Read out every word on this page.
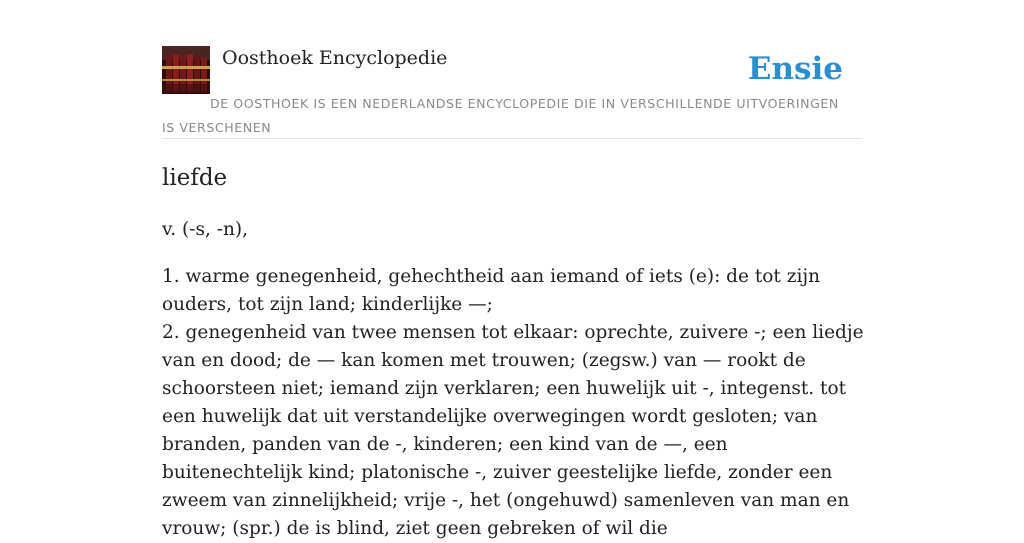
Oosthoek Encyclopedie	Ensie
DE OOSTHOEK IS EEN NEDERLANDSE ENCYCLOPEDIE DIE IN VERSCHILLENDE UITVOERINGEN IS VERSCHENEN
liefde
v. (-s, -n),
1. warme genegenheid, gehechtheid aan iemand of iets (e): de tot zijn ouders, tot zijn land; kinderlijke —;
2. genegenheid van twee mensen tot elkaar: oprechte, zuivere -; een liedje van en dood; de — kan komen met trouwen; (zegsw.) van — rookt de schoorsteen niet; iemand zijn verklaren; een huwelijk uit -, integenst. tot een huwelijk dat uit verstandelijke overwegingen wordt gesloten; van branden, panden van de -, kinderen; een kind van de —, een buitenechtelijk kind; platonische -, zuiver geestelijke liefde, zonder een zweem van zinnelijkheid; vrije -, het (ongehuwd) samenleven van man en vrouw; (spr.) de is blind, ziet geen gebreken of wil die
